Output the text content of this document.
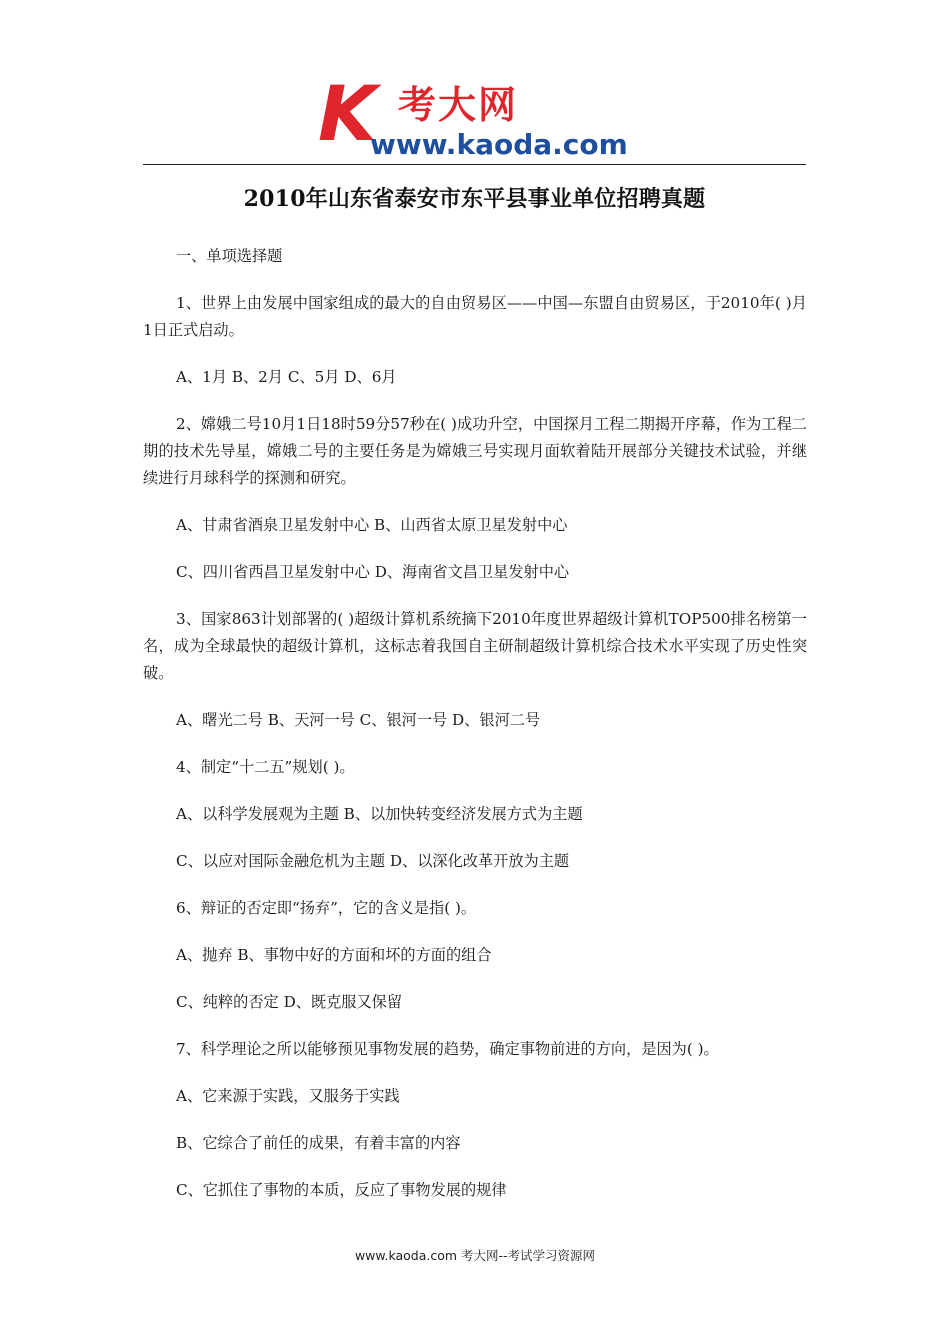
K 考大网
www.kaoda.com
2010年山东省泰安市东平县事业单位招聘真题

一、单项选择题

1、世界上由发展中国家组成的最大的自由贸易区——中国—东盟自由贸易区，于2010年( )月1日正式启动。

A、1月 B、2月 C、5月 D、6月

2、嫦娥二号10月1日18时59分57秒在( )成功升空，中国探月工程二期揭开序幕，作为工程二期的技术先导星，嫦娥二号的主要任务是为嫦娥三号实现月面软着陆开展部分关键技术试验，并继续进行月球科学的探测和研究。

A、甘肃省酒泉卫星发射中心 B、山西省太原卫星发射中心

C、四川省西昌卫星发射中心 D、海南省文昌卫星发射中心

3、国家863计划部署的( )超级计算机系统摘下2010年度世界超级计算机TOP500排名榜第一名，成为全球最快的超级计算机，这标志着我国自主研制超级计算机综合技术水平实现了历史性突破。

A、曙光二号 B、天河一号 C、银河一号 D、银河二号

4、制定“十二五”规划( )。

A、以科学发展观为主题 B、以加快转变经济发展方式为主题

C、以应对国际金融危机为主题 D、以深化改革开放为主题

6、辩证的否定即“扬弃”，它的含义是指( )。

A、抛弃 B、事物中好的方面和坏的方面的组合

C、纯粹的否定 D、既克服又保留

7、科学理论之所以能够预见事物发展的趋势，确定事物前进的方向，是因为( )。

A、它来源于实践，又服务于实践

B、它综合了前任的成果，有着丰富的内容

C、它抓住了事物的本质，反应了事物发展的规律

www.kaoda.com 考大网--考试学习资源网
